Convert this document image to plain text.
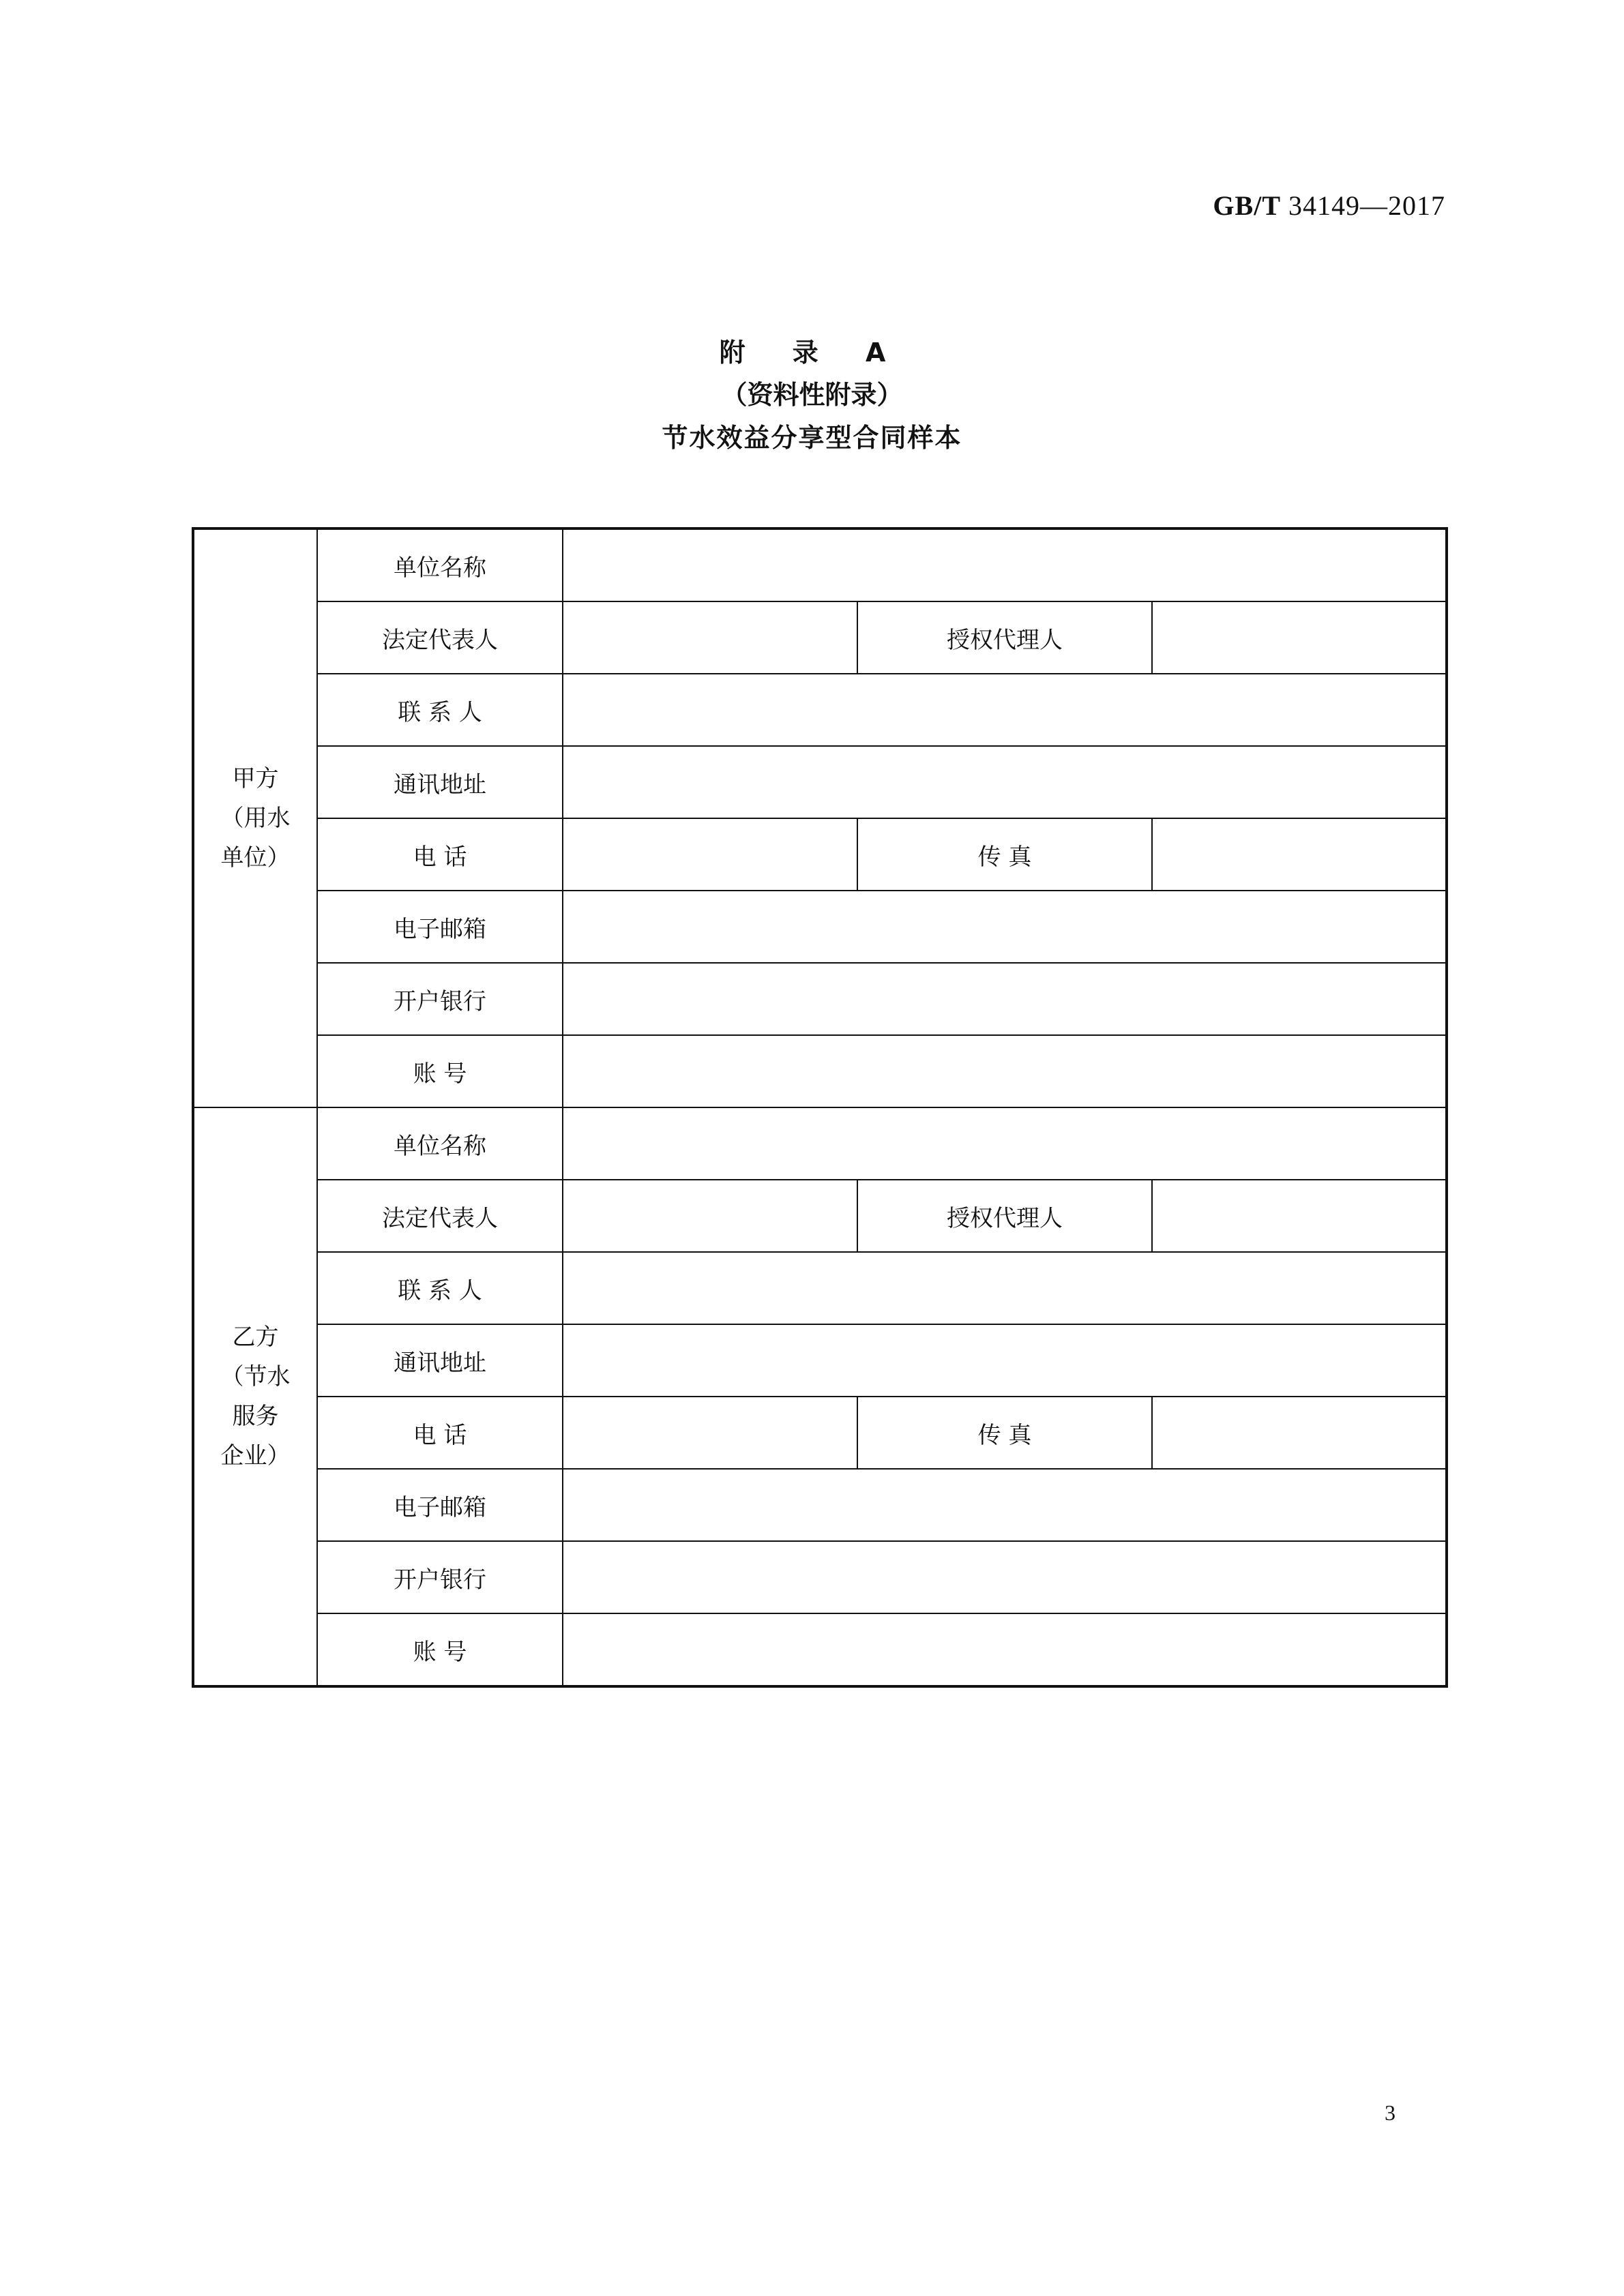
GB/T 34149—2017
附 录 A
（资料性附录）
节水效益分享型合同样本
甲方
（用水
单位）	单位名称			
	法定代表人		授权代理人	
	联 系 人			
	通讯地址			
	电 话		传 真	
	电子邮箱			
	开户银行			
	账 号			

乙方
（节水
服务
企业）	单位名称			
	法定代表人		授权代理人	
	联 系 人			
	通讯地址			
	电 话		传 真	
	电子邮箱			
	开户银行			
	账 号			
3
